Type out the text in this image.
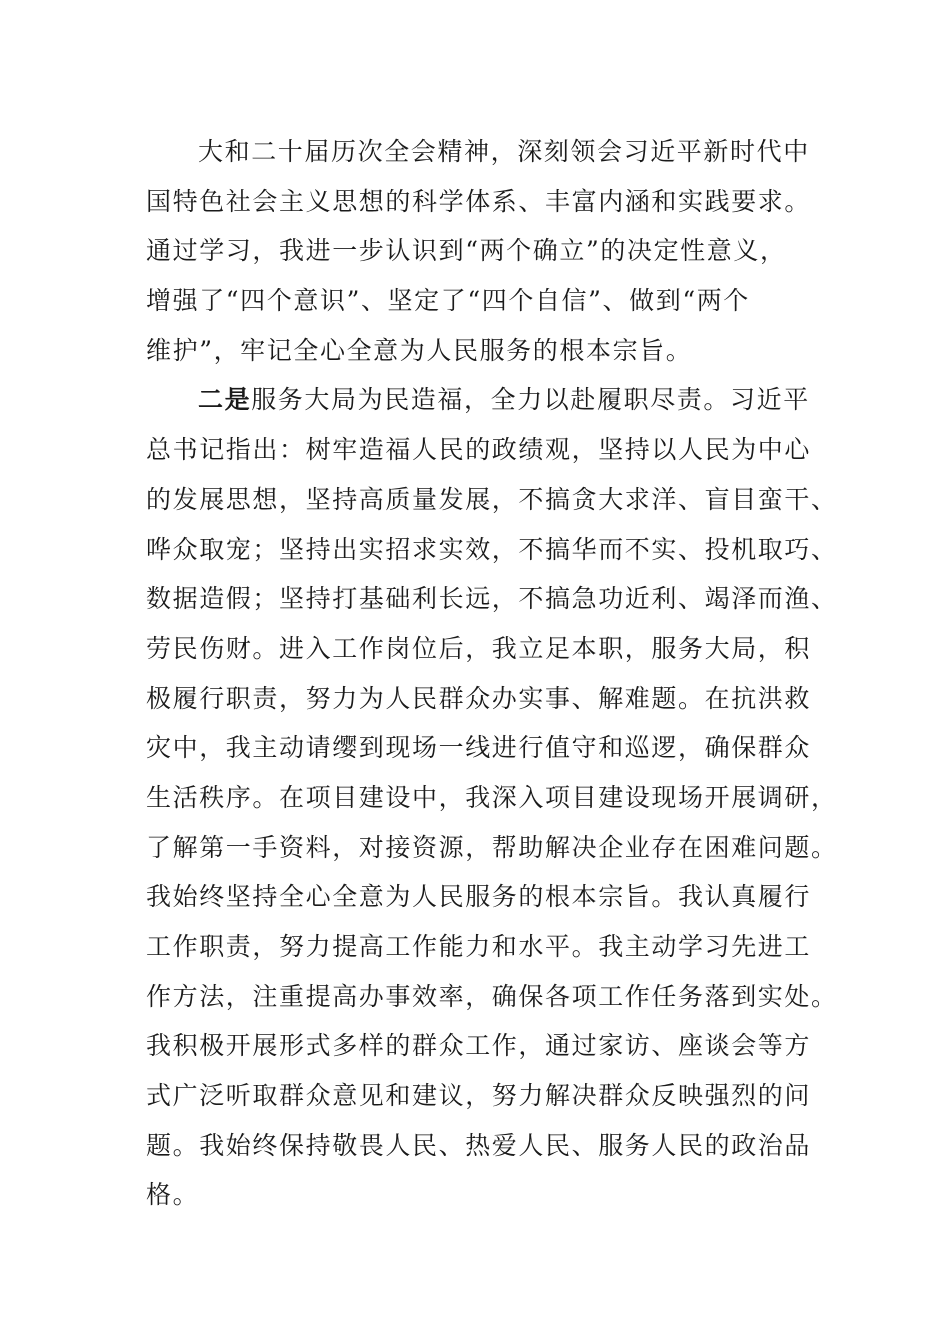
大和二十届历次全会精神，深刻领会习近平新时代中
国特色社会主义思想的科学体系、丰富内涵和实践要求。
通过学习，我进一步认识到“两个确立”的决定性意义，
增强了“四个意识”、坚定了“四个自信”、做到“两个
维护”，牢记全心全意为人民服务的根本宗旨。
二是服务大局为民造福，全力以赴履职尽责。习近平
总书记指出：树牢造福人民的政绩观，坚持以人民为中心
的发展思想，坚持高质量发展，不搞贪大求洋、盲目蛮干、
哗众取宠；坚持出实招求实效，不搞华而不实、投机取巧、
数据造假；坚持打基础利长远，不搞急功近利、竭泽而渔、
劳民伤财。进入工作岗位后，我立足本职，服务大局，积
极履行职责，努力为人民群众办实事、解难题。在抗洪救
灾中，我主动请缨到现场一线进行值守和巡逻，确保群众
生活秩序。在项目建设中，我深入项目建设现场开展调研，
了解第一手资料，对接资源，帮助解决企业存在困难问题。
我始终坚持全心全意为人民服务的根本宗旨。我认真履行
工作职责，努力提高工作能力和水平。我主动学习先进工
作方法，注重提高办事效率，确保各项工作任务落到实处。
我积极开展形式多样的群众工作，通过家访、座谈会等方
式广泛听取群众意见和建议，努力解决群众反映强烈的问
题。我始终保持敬畏人民、热爱人民、服务人民的政治品
格。
